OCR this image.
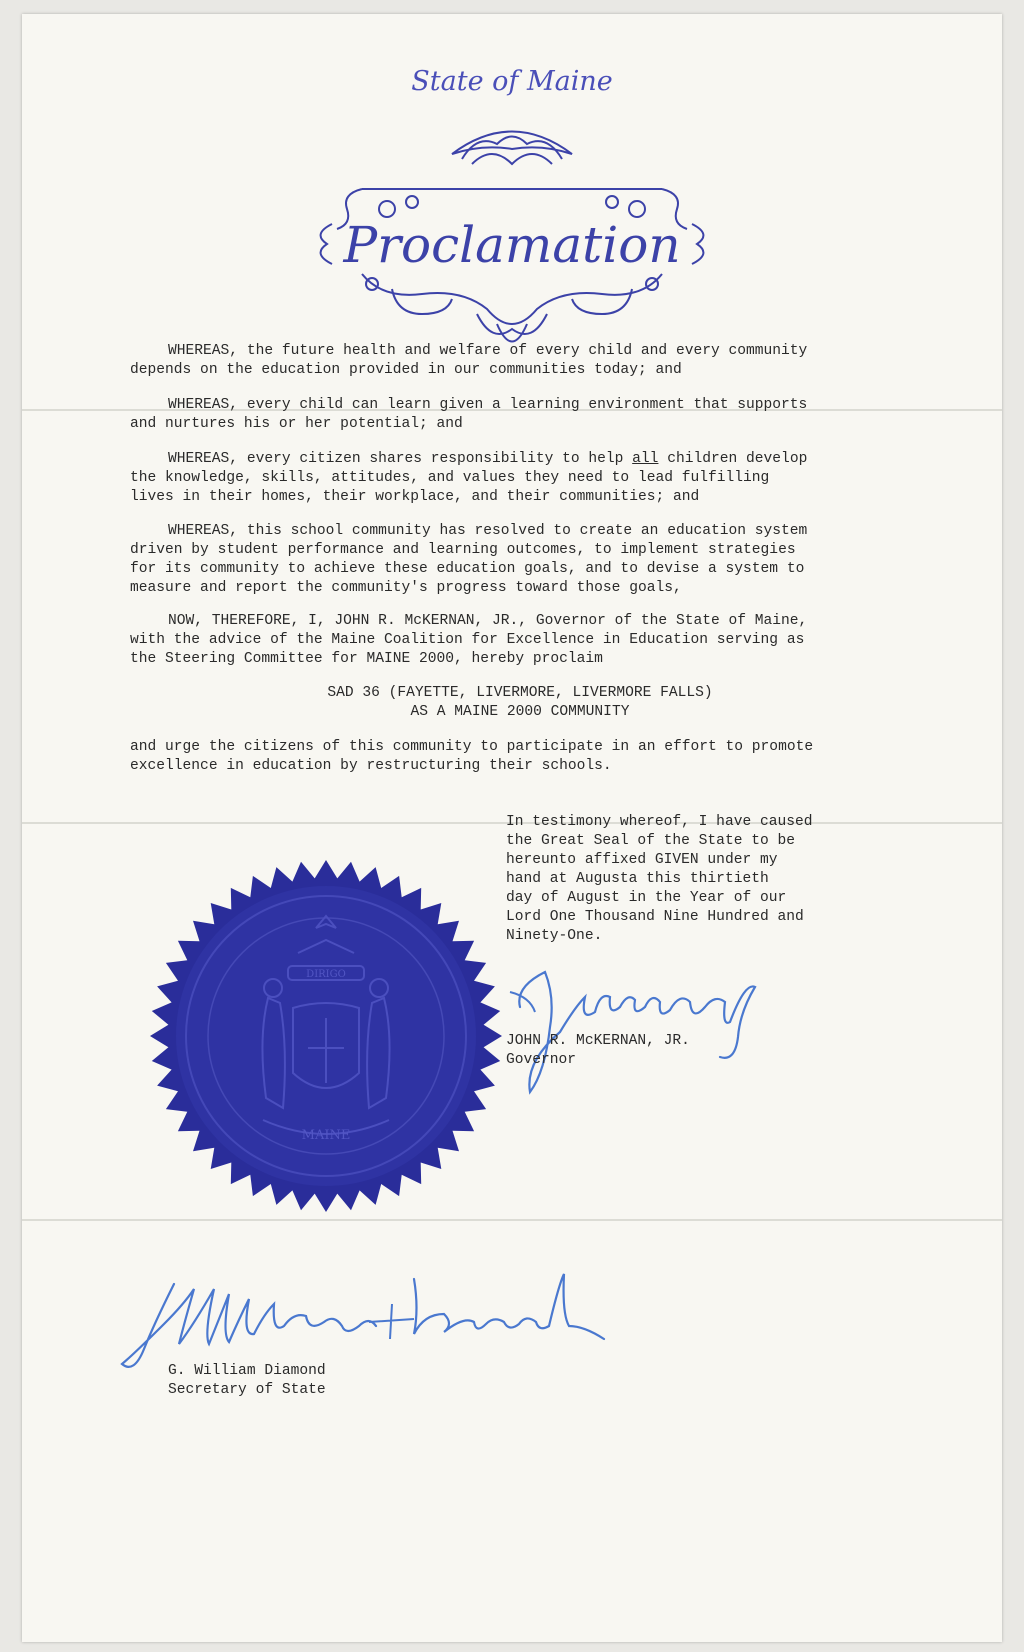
State of Maine
Proclamation
WHEREAS, the future health and welfare of every child and every community
depends on the education provided in our communities today; and
WHEREAS, every child can learn given a learning environment that supports
and nurtures his or her potential; and
WHEREAS, every citizen shares responsibility to help all children develop
the knowledge, skills, attitudes, and values they need to lead fulfilling
lives in their homes, their workplace, and their communities; and
WHEREAS, this school community has resolved to create an education system
driven by student performance and learning outcomes, to implement strategies
for its community to achieve these education goals, and to devise a system to
measure and report the community's progress toward those goals,
NOW, THEREFORE, I, JOHN R. McKERNAN, JR., Governor of the State of Maine,
with the advice of the Maine Coalition for Excellence in Education serving as
the Steering Committee for MAINE 2000, hereby proclaim
SAD 36 (FAYETTE, LIVERMORE, LIVERMORE FALLS)
AS A MAINE 2000 COMMUNITY
and urge the citizens of this community to participate in an effort to promote
excellence in education by restructuring their schools.
In testimony whereof, I have caused
the Great Seal of the State to be
hereunto affixed GIVEN under my
hand at Augusta this thirtieth
day of August in the Year of our
Lord One Thousand Nine Hundred and
Ninety-One.
DIRIGO
MAINE
JOHN R. McKERNAN, JR.
Governor
G. William Diamond
Secretary of State
